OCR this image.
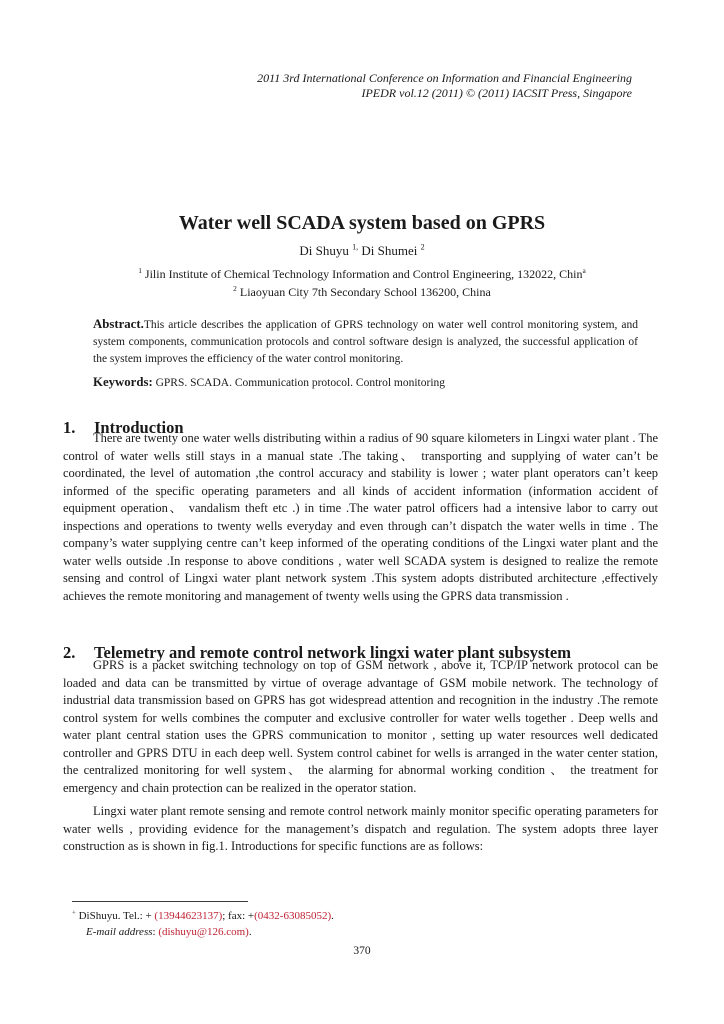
2011 3rd International Conference on Information and Financial Engineering
IPEDR vol.12 (2011) © (2011) IACSIT Press, Singapore
Water well SCADA system based on GPRS
Di Shuyu $^{1,}$ Di Shumei $^2$
$^1$ Jilin Institute of Chemical Technology Information and Control Engineering, 132022, Chin$^a$
$^2$ Liaoyuan City 7th Secondary School 136200, China

Abstract.This article describes the application of GPRS technology on water well control monitoring system, and system components, communication protocols and control software design is analyzed, the successful application of the system improves the efficiency of the water control monitoring.

Keywords: GPRS. SCADA. Communication protocol. Control monitoring

1. Introduction

There are twenty one water wells distributing within a radius of 90 square kilometers in Lingxi water plant . The control of water wells still stays in a manual state .The taking、 transporting and supplying of water can’t be coordinated, the level of automation ,the control accuracy and stability is lower ; water plant operators can’t keep informed of the specific operating parameters and all kinds of accident information (information accident of equipment operation、 vandalism theft etc .) in time .The water patrol officers had a intensive labor to carry out inspections and operations to twenty wells everyday and even through can’t dispatch the water wells in time . The company’s water supplying centre can’t keep informed of the operating conditions of the Lingxi water plant and the water wells outside .In response to above conditions , water well SCADA system is designed to realize the remote sensing and control of Lingxi water plant network system .This system adopts distributed architecture ,effectively achieves the remote monitoring and management of twenty wells using the GPRS data transmission .

2. Telemetry and remote control network lingxi water plant subsystem

GPRS is a packet switching technology on top of GSM network , above it, TCP/IP network protocol can be loaded and data can be transmitted by virtue of overage advantage of GSM mobile network. The technology of industrial data transmission based on GPRS has got widespread attention and recognition in the industry .The remote control system for wells combines the computer and exclusive controller for water wells together . Deep wells and water plant central station uses the GPRS communication to monitor , setting up water resources well dedicated controller and GPRS DTU in each deep well. System control cabinet for wells is arranged in the water center station, the centralized monitoring for well system、 the alarming for abnormal working condition 、 the treatment for emergency and chain protection can be realized in the operator station.

Lingxi water plant remote sensing and remote control network mainly monitor specific operating parameters for water wells , providing evidence for the management’s dispatch and regulation. The system adopts three layer construction as is shown in fig.1. Introductions for specific functions are as follows:

+ DiShuyu. Tel.: + (13944623137); fax: +(0432-63085052).
E-mail address: (dishuyu@126.com).
370
